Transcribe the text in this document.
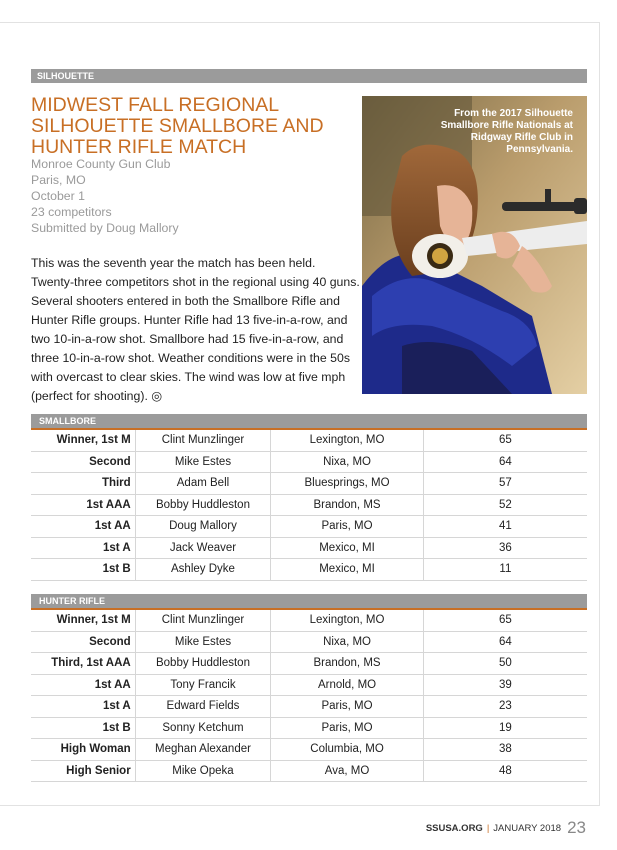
SILHOUETTE
MIDWEST FALL REGIONAL SILHOUETTE SMALLBORE AND HUNTER RIFLE MATCH
Monroe County Gun Club
Paris, MO
October 1
23 competitors
Submitted by Doug Mallory

This was the seventh year the match has been held. Twenty-three competitors shot in the regional using 40 guns. Several shooters entered in both the Smallbore Rifle and Hunter Rifle groups. Hunter Rifle had 13 five-in-a-row, and two 10-in-a-row shot. Smallbore had 15 five-in-a-row, and three 10-in-a-row shot. Weather conditions were in the 50s with overcast to clear skies. The wind was low at five mph (perfect for shooting). ◎

From the 2017 Silhouette Smallbore Rifle Nationals at Ridgway Rifle Club in Pennsylvania.
SMALLBORE
Winner, 1st M	Clint Munzlinger	Lexington, MO	65
Second	Mike Estes	Nixa, MO	64
Third	Adam Bell	Bluesprings, MO	57
1st AAA	Bobby Huddleston	Brandon, MS	52
1st AA	Doug Mallory	Paris, MO	41
1st A	Jack Weaver	Mexico, MI	36
1st B	Ashley Dyke	Mexico, MI	11
HUNTER RIFLE
Winner, 1st M	Clint Munzlinger	Lexington, MO	65
Second	Mike Estes	Nixa, MO	64
Third, 1st AAA	Bobby Huddleston	Brandon, MS	50
1st AA	Tony Francik	Arnold, MO	39
1st A	Edward Fields	Paris, MO	23
1st B	Sonny Ketchum	Paris, MO	19
High Woman	Meghan Alexander	Columbia, MO	38
High Senior	Mike Opeka	Ava, MO	48
SSUSA.ORG | JANUARY 2018 23
